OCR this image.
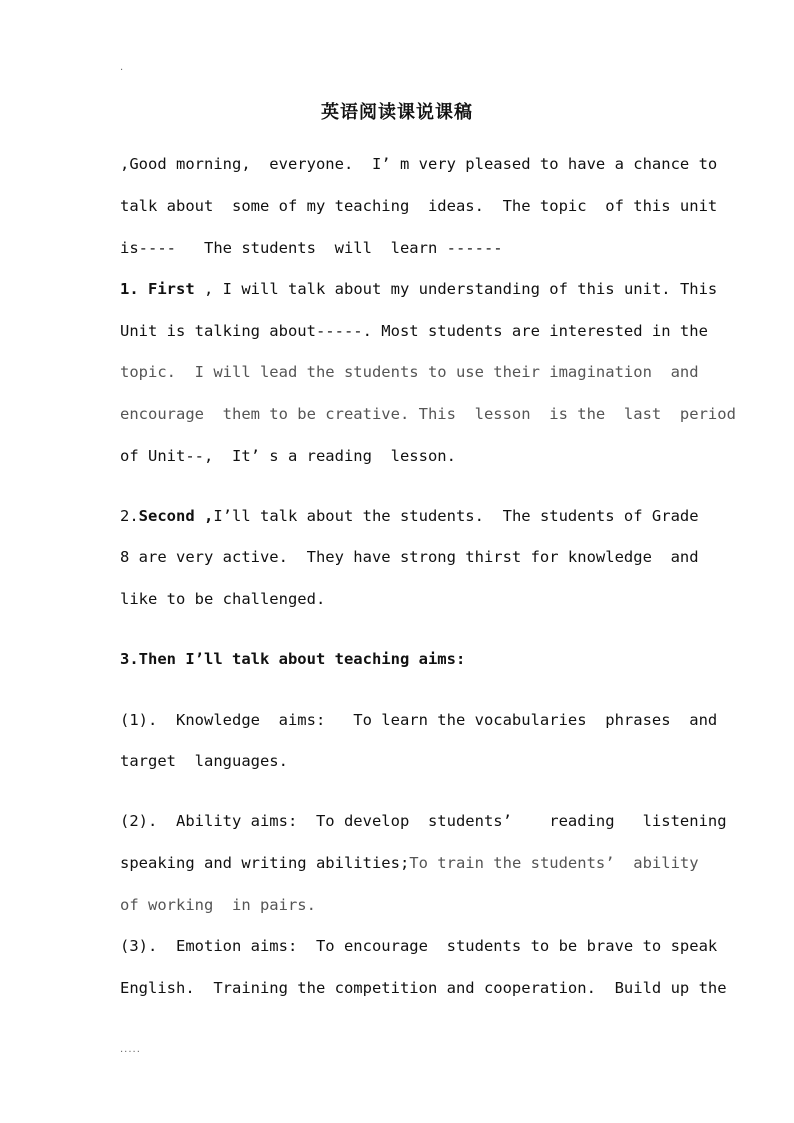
.
英语阅读课说课稿
,Good morning,  everyone.  I’ m very pleased to have a chance to
talk about  some of my teaching  ideas.  The topic  of this unit
is----   The students  will  learn ------
1. First , I will talk about my understanding of this unit. This
Unit is talking about-----. Most students are interested in the
topic.  I will lead the students to use their imagination  and
encourage  them to be creative. This  lesson  is the  last  period
of Unit--,  It’ s a reading  lesson.
2.Second ,I’ll talk about the students.  The students of Grade
8 are very active.  They have strong thirst for knowledge  and
like to be challenged.
3.Then I’ll talk about teaching aims:
(1).  Knowledge  aims:   To learn the vocabularies  phrases  and
target  languages.
(2).  Ability aims:  To develop  students’    reading   listening
speaking and writing abilities;To train the students’  ability
of working  in pairs.
(3).  Emotion aims:  To encourage  students to be brave to speak
English.  Training the competition and cooperation.  Build up the
.....
